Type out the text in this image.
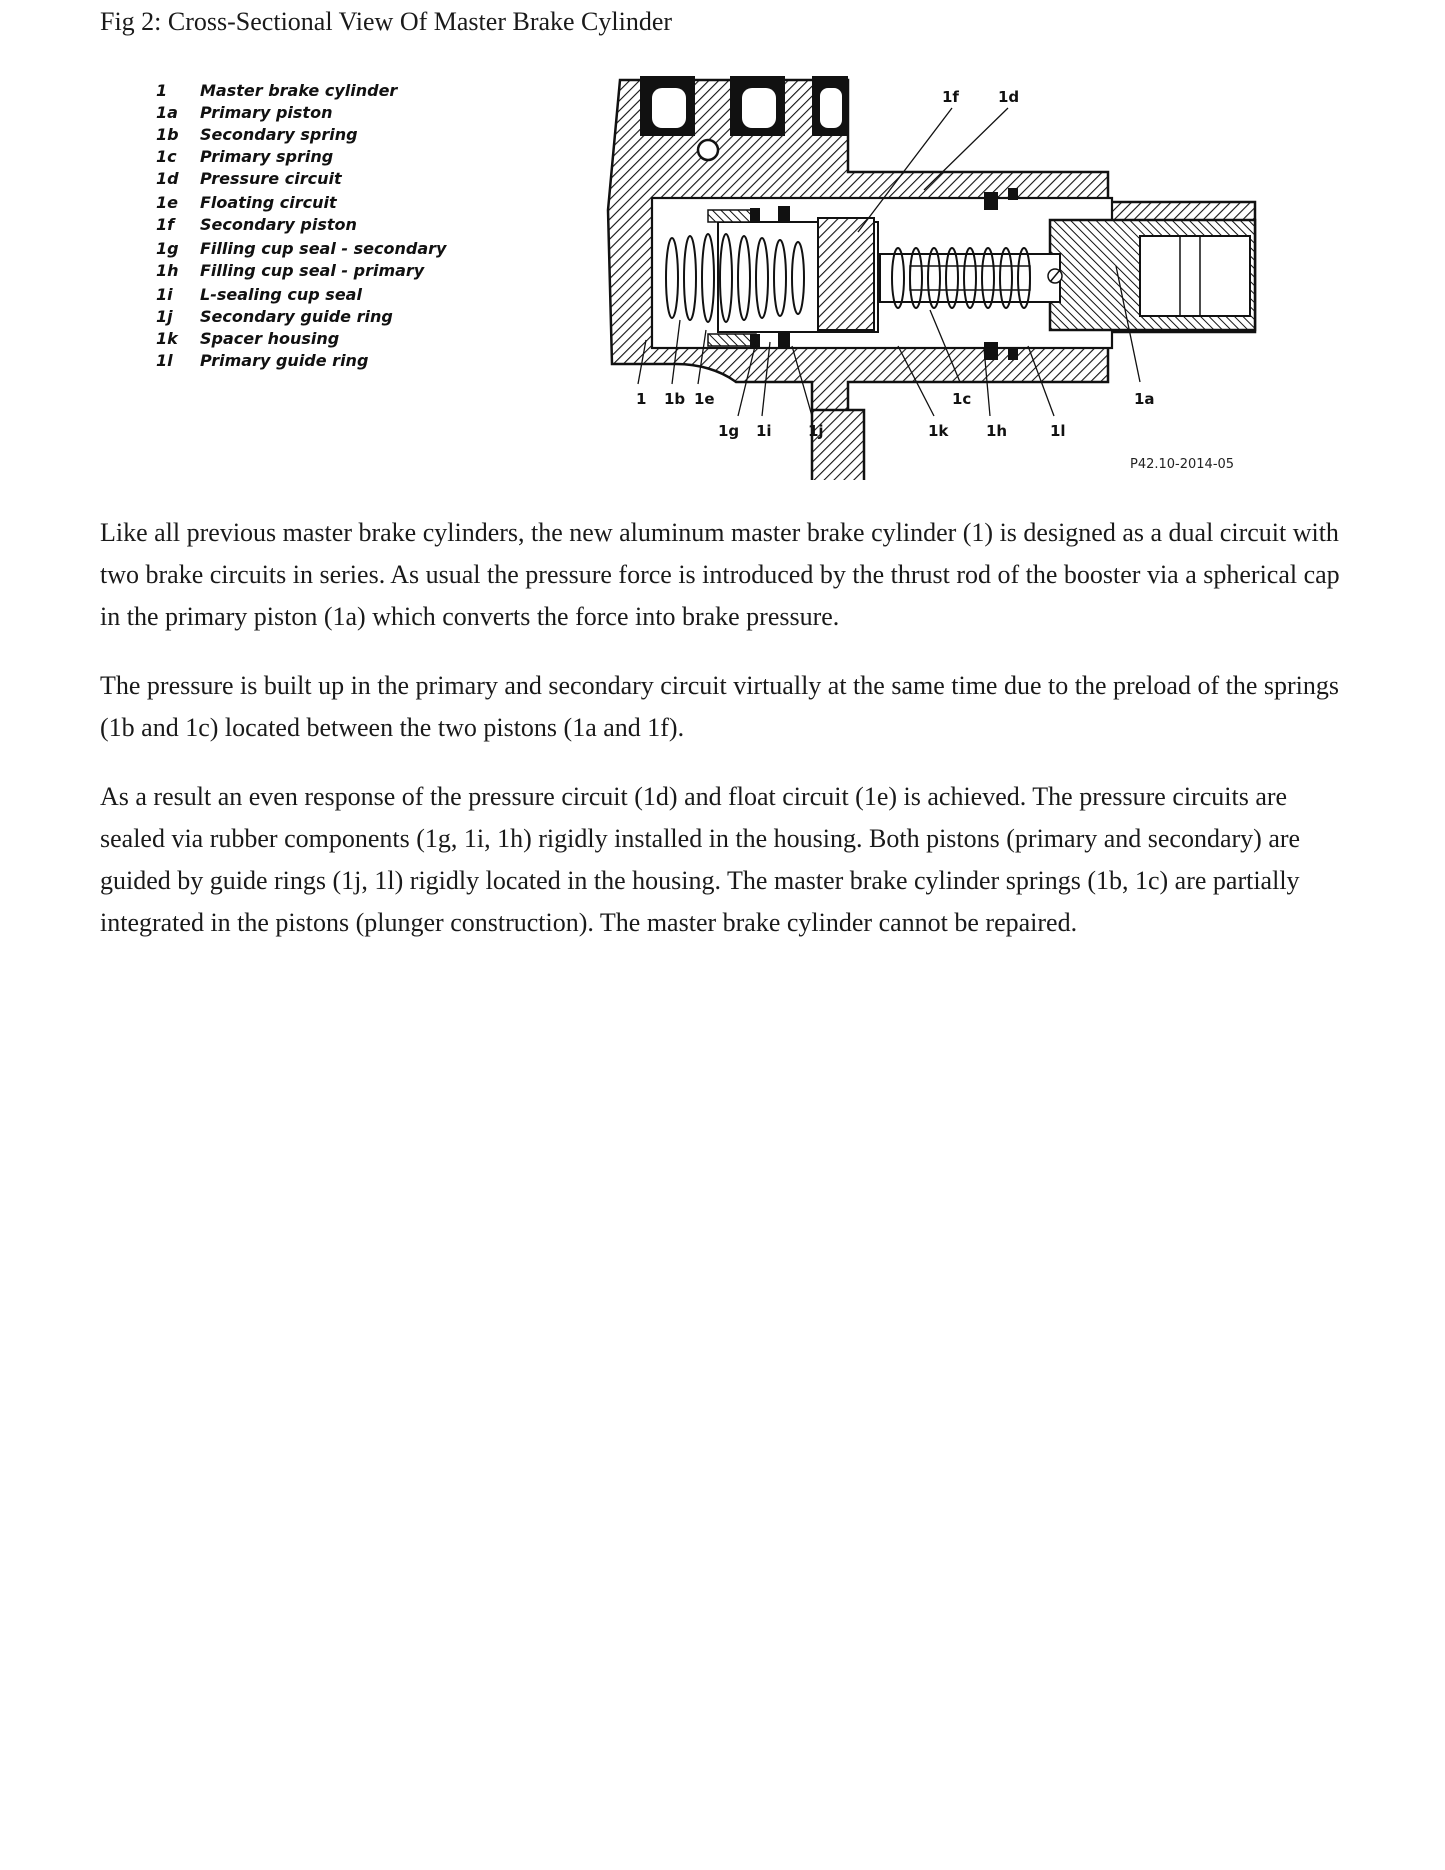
Fig 2: Cross-Sectional View Of Master Brake Cylinder
1	Master brake cylinder
1a	Primary piston
1b	Secondary spring
1c	Primary spring
1d	Pressure circuit
1e	Floating circuit
1f	Secondary piston
1g	Filling cup seal - secondary
1h	Filling cup seal - primary
1i	L-sealing cup seal
1j	Secondary guide ring
1k	Spacer housing
1l	Primary guide ring
1f	1d
1 1b 1e	1c	1a
1g 1i 1j	1k	1h	1l
P42.10-2014-05

Like all previous master brake cylinders, the new aluminum master brake cylinder (1) is designed as a dual circuit with two brake circuits in series. As usual the pressure force is introduced by the thrust rod of the booster via a spherical cap in the primary piston (1a) which converts the force into brake pressure.

The pressure is built up in the primary and secondary circuit virtually at the same time due to the preload of the springs (1b and 1c) located between the two pistons (1a and 1f).

As a result an even response of the pressure circuit (1d) and float circuit (1e) is achieved. The pressure circuits are sealed via rubber components (1g, 1i, 1h) rigidly installed in the housing. Both pistons (primary and secondary) are guided by guide rings (1j, 1l) rigidly located in the housing. The master brake cylinder springs (1b, 1c) are partially integrated in the pistons (plunger construction). The master brake cylinder cannot be repaired.
